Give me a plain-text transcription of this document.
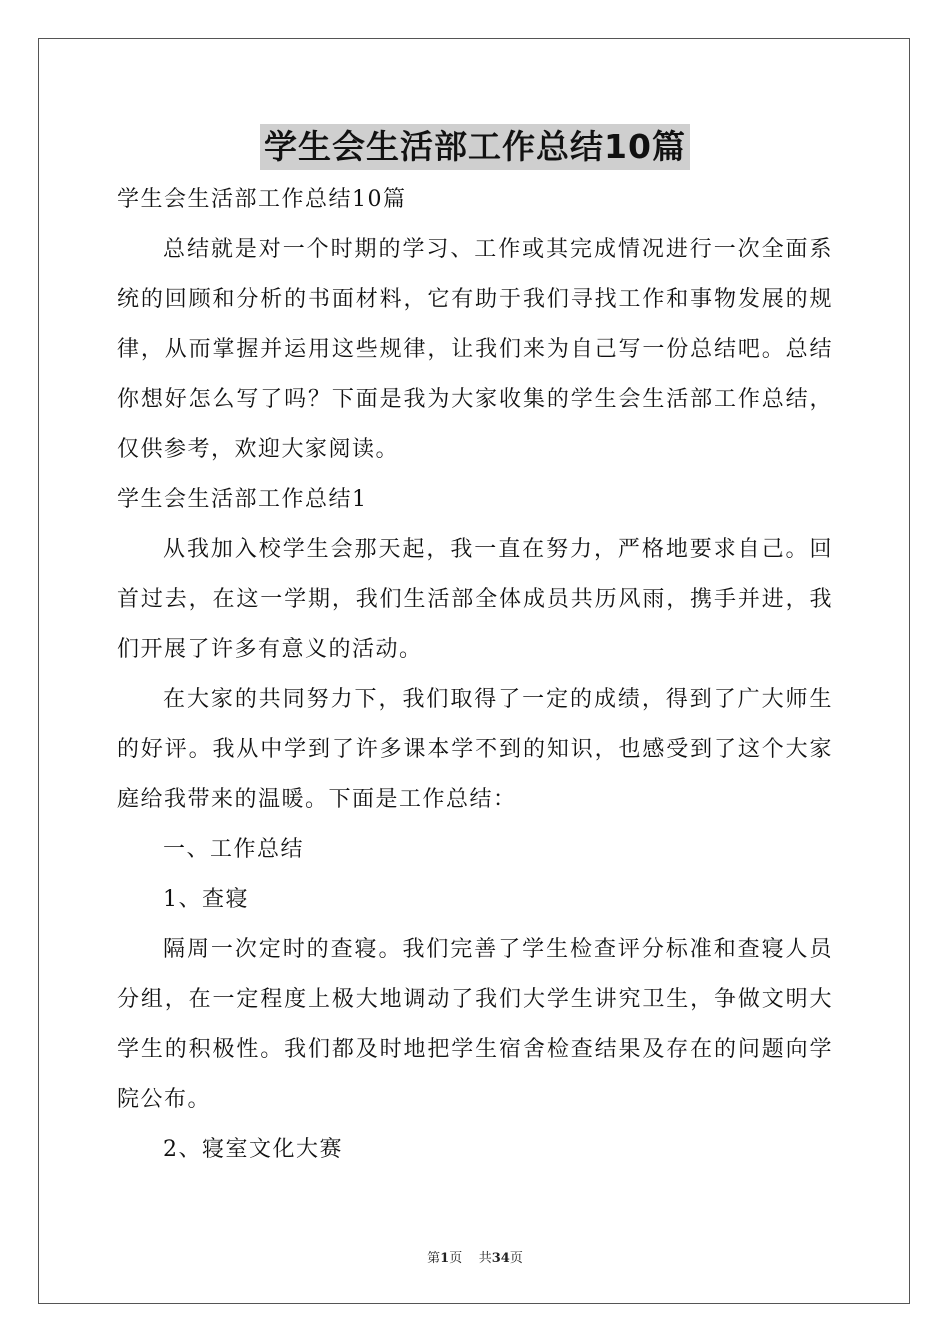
学生会生活部工作总结10篇

学生会生活部工作总结10篇

总结就是对一个时期的学习、工作或其完成情况进行一次全面系统的回顾和分析的书面材料，它有助于我们寻找工作和事物发展的规律，从而掌握并运用这些规律，让我们来为自己写一份总结吧。总结你想好怎么写了吗？下面是我为大家收集的学生会生活部工作总结，仅供参考，欢迎大家阅读。

学生会生活部工作总结1

从我加入校学生会那天起，我一直在努力，严格地要求自己。回首过去，在这一学期，我们生活部全体成员共历风雨，携手并进，我们开展了许多有意义的活动。

在大家的共同努力下，我们取得了一定的成绩，得到了广大师生的好评。我从中学到了许多课本学不到的知识，也感受到了这个大家庭给我带来的温暖。下面是工作总结：

一、工作总结

1、查寝

隔周一次定时的查寝。我们完善了学生检查评分标准和查寝人员分组，在一定程度上极大地调动了我们大学生讲究卫生，争做文明大学生的积极性。我们都及时地把学生宿舍检查结果及存在的问题向学院公布。

2、寝室文化大赛

第1页 共34页
